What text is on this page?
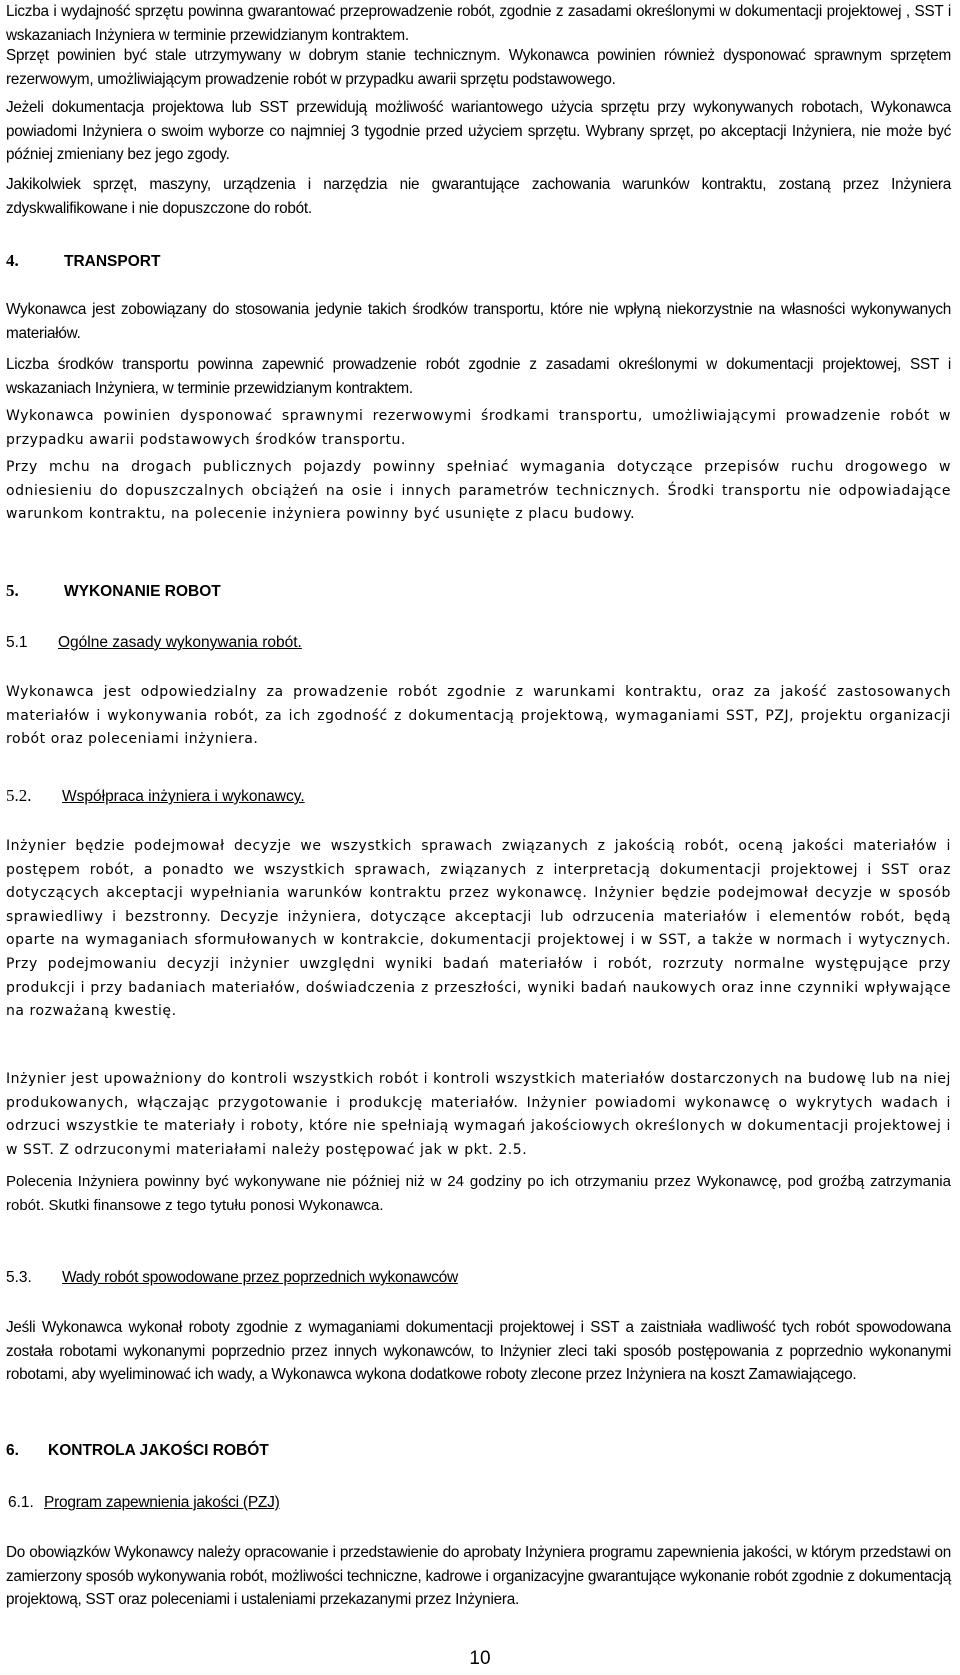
Liczba i wydajność sprzętu powinna gwarantować przeprowadzenie robót, zgodnie z zasadami określonymi w dokumentacji projektowej , SST i wskazaniach Inżyniera w terminie przewidzianym kontraktem.

Sprzęt powinien być stale utrzymywany w dobrym stanie technicznym. Wykonawca powinien również dysponować sprawnym sprzętem rezerwowym, umożliwiającym prowadzenie robót w przypadku awarii sprzętu podstawowego.

Jeżeli dokumentacja projektowa lub SST przewidują możliwość wariantowego użycia sprzętu przy wykonywanych robotach, Wykonawca powiadomi Inżyniera o swoim wyborze co najmniej 3 tygodnie przed użyciem sprzętu. Wybrany sprzęt, po akceptacji Inżyniera, nie może być później zmieniany bez jego zgody.

Jakikolwiek sprzęt, maszyny, urządzenia i narzędzia nie gwarantujące zachowania warunków kontraktu, zostaną przez Inżyniera zdyskwalifikowane i nie dopuszczone do robót.

4.	TRANSPORT

Wykonawca jest zobowiązany do stosowania jedynie takich środków transportu, które nie wpłyną niekorzystnie na własności wykonywanych materiałów.

Liczba środków transportu powinna zapewnić prowadzenie robót zgodnie z zasadami określonymi w dokumentacji projektowej, SST i wskazaniach Inżyniera, w terminie przewidzianym kontraktem.

Wykonawca powinien dysponować sprawnymi rezerwowymi środkami transportu, umożliwiającymi prowadzenie robót w przypadku awarii podstawowych środków transportu.

Przy mchu na drogach publicznych pojazdy powinny spełniać wymagania dotyczące przepisów ruchu drogowego w odniesieniu do dopuszczalnych obciążeń na osie i innych parametrów technicznych. Środki transportu nie odpowiadające warunkom kontraktu, na polecenie inżyniera powinny być usunięte z placu budowy.

5.	WYKONANIE ROBOT

5.1 Ogólne zasady wykonywania robót.

Wykonawca jest odpowiedzialny za prowadzenie robót zgodnie z warunkami kontraktu, oraz za jakość zastosowanych materiałów i wykonywania robót, za ich zgodność z dokumentacją projektową, wymaganiami SST, PZJ, projektu organizacji robót oraz poleceniami inżyniera.

5.2. Współpraca inżyniera i wykonawcy.

Inżynier będzie podejmował decyzje we wszystkich sprawach związanych z jakością robót, oceną jakości materiałów i postępem robót, a ponadto we wszystkich sprawach, związanych z interpretacją dokumentacji projektowej i SST oraz dotyczących akceptacji wypełniania warunków kontraktu przez wykonawcę. Inżynier będzie podejmował decyzje w sposób sprawiedliwy i bezstronny. Decyzje inżyniera, dotyczące akceptacji lub odrzucenia materiałów i elementów robót, będą oparte na wymaganiach sformułowanych w kontrakcie, dokumentacji projektowej i w SST, a także w normach i wytycznych. Przy podejmowaniu decyzji inżynier uwzględni wyniki badań materiałów i robót, rozrzuty normalne występujące przy produkcji i przy badaniach materiałów, doświadczenia z przeszłości, wyniki badań naukowych oraz inne czynniki wpływające na rozważaną kwestię.

Inżynier jest upoważniony do kontroli wszystkich robót i kontroli wszystkich materiałów dostarczonych na budowę lub na niej produkowanych, włączając przygotowanie i produkcję materiałów. Inżynier powiadomi wykonawcę o wykrytych wadach i odrzuci wszystkie te materiały i roboty, które nie spełniają wymagań jakościowych określonych w dokumentacji projektowej i w SST. Z odrzuconymi materiałami należy postępować jak w pkt. 2.5.

Polecenia Inżyniera powinny być wykonywane nie później niż w 24 godziny po ich otrzymaniu przez Wykonawcę, pod groźbą zatrzymania robót. Skutki finansowe z tego tytułu ponosi Wykonawca.

5.3. Wady robót spowodowane przez poprzednich wykonawców

Jeśli Wykonawca wykonał roboty zgodnie z wymaganiami dokumentacji projektowej i SST a zaistniała wadliwość tych robót spowodowana została robotami wykonanymi poprzednio przez innych wykonawców, to Inżynier zleci taki sposób postępowania z poprzednio wykonanymi robotami, aby wyeliminować ich wady, a Wykonawca wykona dodatkowe roboty zlecone przez Inżyniera na koszt Zamawiającego.

6. KONTROLA JAKOŚCI ROBÓT

6.1. Program zapewnienia jakości (PZJ)

Do obowiązków Wykonawcy należy opracowanie i przedstawienie do aprobaty Inżyniera programu zapewnienia jakości, w którym przedstawi on zamierzony sposób wykonywania robót, możliwości techniczne, kadrowe i organizacyjne gwarantujące wykonanie robót zgodnie z dokumentacją projektową, SST oraz poleceniami i ustaleniami przekazanymi przez Inżyniera.

10
